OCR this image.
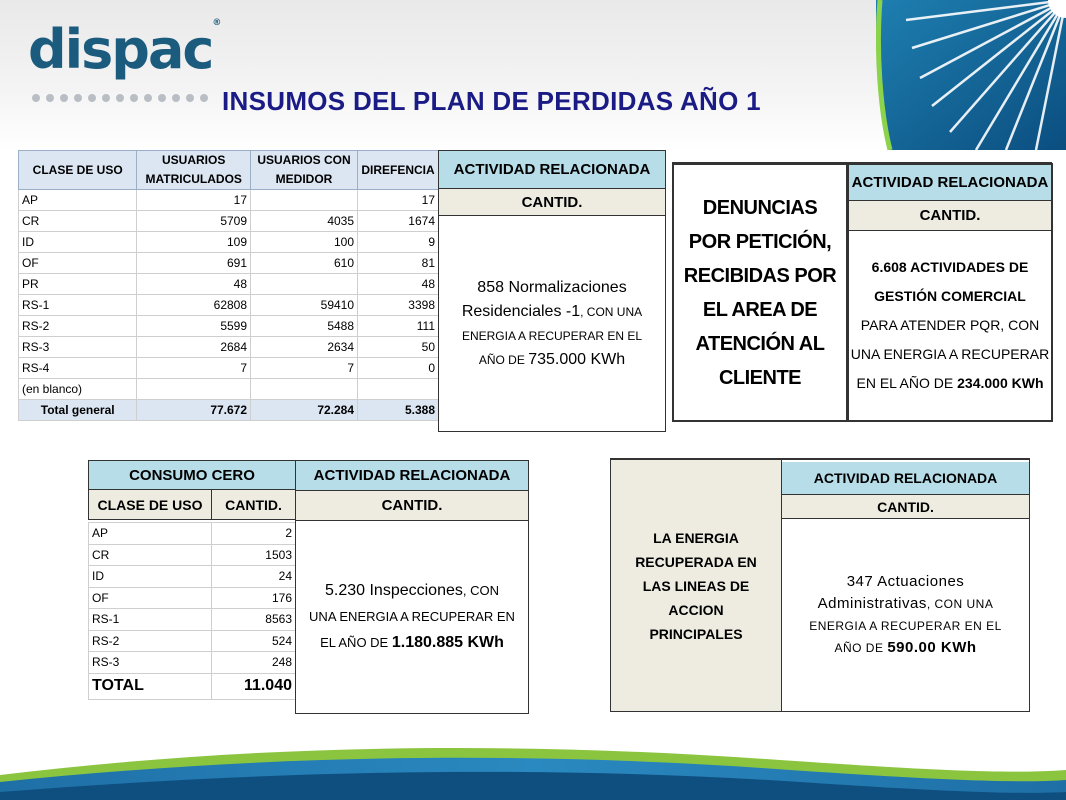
dispac®
INSUMOS DEL PLAN DE PERDIDAS AÑO 1
CLASE DE USO	USUARIOS MATRICULADOS	USUARIOS CON MEDIDOR	DIREFENCIA
AP	17		17
CR	5709	4035	1674
ID	109	100	9
OF	691	610	81
PR	48		48
RS-1	62808	59410	3398
RS-2	5599	5488	111
RS-3	2684	2634	50
RS-4	7	7	0
(en blanco)			
Total general	77.672	72.284	5.388
ACTIVIDAD RELACIONADA
CANTID.
858 Normalizaciones
Residenciales -1, CON UNA
ENERGIA A RECUPERAR EN EL
AÑO DE 735.000 KWh
DENUNCIAS POR PETICIÓN, RECIBIDAS POR EL AREA DE ATENCIÓN AL CLIENTE
ACTIVIDAD RELACIONADA
CANTID.
6.608 ACTIVIDADES DE
GESTIÓN COMERCIAL
PARA ATENDER PQR, CON
UNA ENERGIA A RECUPERAR
EN EL AÑO DE 234.000 KWh
CONSUMO CERO
CLASE DE USO	CANTID.
AP	2
CR	1503
ID	24
OF	176
RS-1	8563
RS-2	524
RS-3	248
TOTAL	11.040
ACTIVIDAD RELACIONADA
CANTID.
5.230 Inspecciones, CON
UNA ENERGIA A RECUPERAR EN
EL AÑO DE 1.180.885 KWh
LA ENERGIA RECUPERADA EN LAS LINEAS DE ACCION PRINCIPALES
ACTIVIDAD RELACIONADA
CANTID.
347 Actuaciones
Administrativas, CON UNA
ENERGIA A RECUPERAR EN EL
AÑO DE 590.00 KWh
